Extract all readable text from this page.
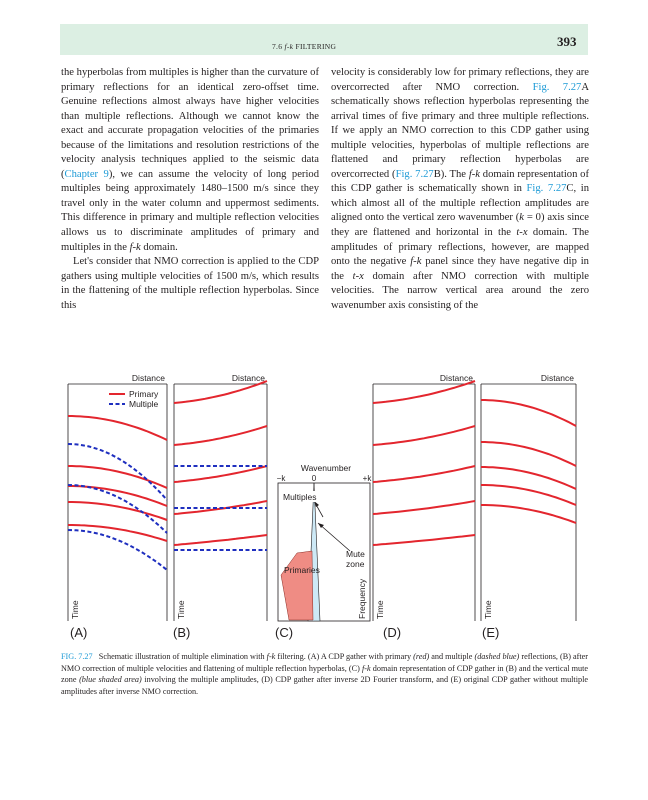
7.6 f-k FILTERING	393

the hyperbolas from multiples is higher than the curvature of primary reflections for an identical zero-offset time. Genuine reflections almost always have higher velocities than multiple reflections. Although we cannot know the exact and accurate propagation velocities of the primaries because of the limitations and resolution restrictions of the velocity analysis techniques applied to the seismic data (Chapter 9), we can assume the velocity of long period multiples being approximately 1480–1500 m/s since they travel only in the water column and uppermost sediments. This difference in primary and multiple reflection velocities allows us to discriminate amplitudes of primary and multiples in the f-k domain.

Let's consider that NMO correction is applied to the CDP gathers using multiple velocities of 1500 m/s, which results in the flattening of the multiple reflection hyperbolas. Since this

velocity is considerably low for primary reflections, they are overcorrected after NMO correction. Fig. 7.27A schematically shows reflection hyperbolas representing the arrival times of five primary and three multiple reflections. If we apply an NMO correction to this CDP gather using multiple velocities, hyperbolas of multiple reflections are flattened and primary reflection hyperbolas are overcorrected (Fig. 7.27B). The f-k domain representation of this CDP gather is schematically shown in Fig. 7.27C, in which almost all of the multiple reflection amplitudes are aligned onto the vertical zero wavenumber (k = 0) axis since they are flattened and horizontal in the t-x domain. The amplitudes of primary reflections, however, are mapped onto the negative f-k panel since they have negative dip in the t-x domain after NMO correction with multiple velocities. The narrow vertical area around the zero wavenumber axis consisting of the

Distance
Time
Distance
Time
Distance
Time
Distance
Time
(A)	(B)	(C)	(D)	(E)
Wavenumber
−k	0	+k
Multiples
Primaries
Mute
zone
Frequency
Primary
Multiple
FIG. 7.27 Schematic illustration of multiple elimination with f-k filtering. (A) A CDP gather with primary (red) and multiple (dashed blue) reflections, (B) after NMO correction of multiple velocities and flattening of multiple reflection hyperbolas, (C) f-k domain representation of CDP gather in (B) and the vertical mute zone (blue shaded area) involving the multiple amplitudes, (D) CDP gather after inverse 2D Fourier transform, and (E) original CDP gather without multiple amplitudes after inverse NMO correction.
